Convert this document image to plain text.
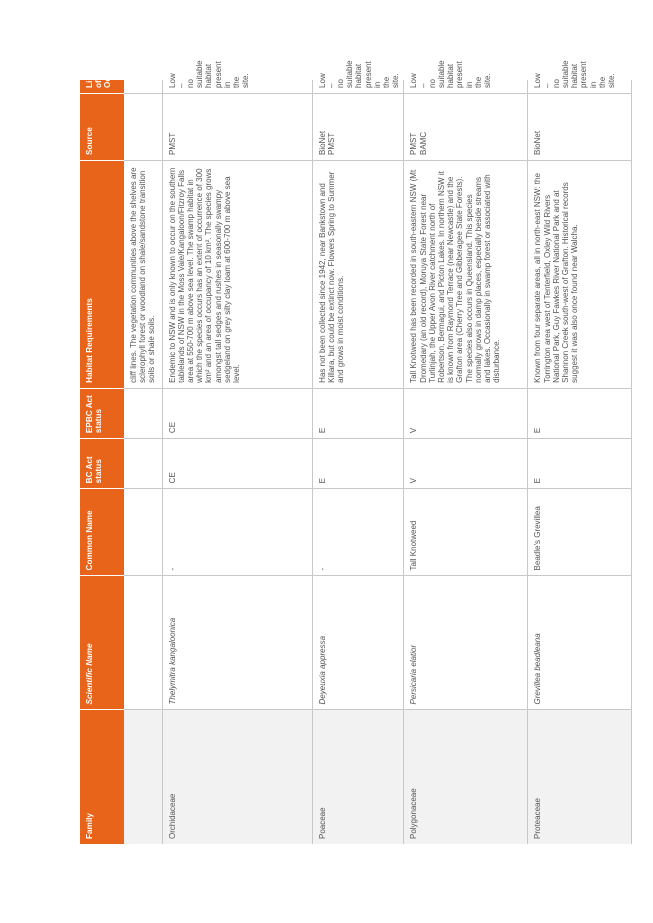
Family	Scientific Name	Common Name	BC Act status	EPBC Act status	Habitat Requirements	Source	Likelihood of Occurrence
					cliff lines. The vegetation communities above the shelves are sclerophyll forest or woodland on shale/sandstone transition soils or shale soils.		
Orchidaceae	Thelymitra kangaloonica	-	CE	CE	Endemic to NSW and is only known to occur on the southern tablelands of NSW in the Moss Vale/Kangaloon/Fitzroy Falls area at 550-700 m above sea level. The swamp habitat in which the species occurs has an extent of occurrence of 300 km² and an area of occupancy of 10 km². The species grows amongst tall sedges and rushes in seasonally swampy sedgeland on grey silty clay loam at 600-700 m above sea level.	PMST	Low – no suitable habitat present in the site.
Poaceae	Deyeuxia appressa	-	E	E	Has not been collected since 1942, near Bankstown and Killara, but could be extinct now. Flowers Spring to Summer and grows in moist conditions.	BioNet PMST	Low – no suitable habitat present in the site.
Polygonaceae	Persicaria elatior	Tall Knotweed	V	V	Tall Knotweed has been recorded in south-eastern NSW (Mt Dromedary (an old record), Moruya State Forest near Turlinjah, the Upper Avon River catchment north of Robertson, Bermagui, and Picton Lakes. In northern NSW it is known from Raymond Terrace (near Newcastle) and the Grafton area (Cherry Tree and Gibberagee State Forests). The species also occurs in Queensland. This species normally grows in damp places, especially beside streams and lakes. Occasionally in swamp forest or associated with disturbance.	PMST BAMC	Low – no suitable habitat present in the site.
Proteaceae	Grevillea beadleana	Beadle's Grevillea	E	E	Known from four separate areas, all in north-east NSW: the Torrington area west of Tenterfield, Oxley Wild Rivers National Park, Guy Fawkes River National Park and at Shannon Creek south-west of Grafton. Historical records suggest it was also once found near Walcha.	BioNet	Low – no suitable habitat present in the site.
